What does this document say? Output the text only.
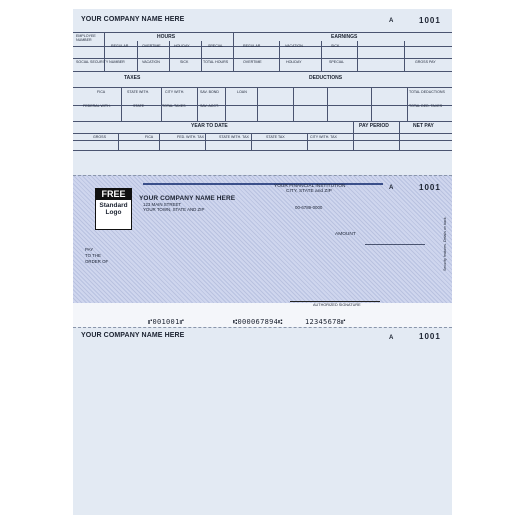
YOUR COMPANY NAME HERE	A	1001
HOURS	EARNINGS
TAXES	DEDUCTIONS
YEAR TO DATE	PAY PERIOD	NET PAY
EMPLOYEE NUMBER
REGULAR	OVERTIME	HOLIDAY	SPECIAL	REGULAR	VACATION	SICK
SOCIAL SECURITY NUMBER	VACATION	SICK	TOTAL HOURS	OVERTIME	HOLIDAY	SPECIAL	GROSS PAY
FICA	STATE WITH.	CITY WITH.	SAV. BOND	LOAN	TOTAL DEDUCTIONS
FEDERAL WITH.	STATE	TOTAL TAXES	SAV. ACCT.	TOTAL DED. TAXES
GROSS	FICA	FED. WITH. TAX	STATE WITH. TAX	STATE TAX	CITY WITH. TAX
FREE
Standard
Logo
YOUR COMPANY NAME HERE
123 MAIN STREET
YOUR TOWN, STATE AND ZIP
YOUR FINANCIAL INSTITUTION
CITY, STATE and ZIP
00-6789-0000
A	1001
AMOUNT
PAY
TO THE
ORDER OF
AUTHORIZED SIGNATURE
Security features. Details on back.
⑈001001⑈	⑆000067894⑆	12345678⑈
YOUR COMPANY NAME HERE	A	1001
